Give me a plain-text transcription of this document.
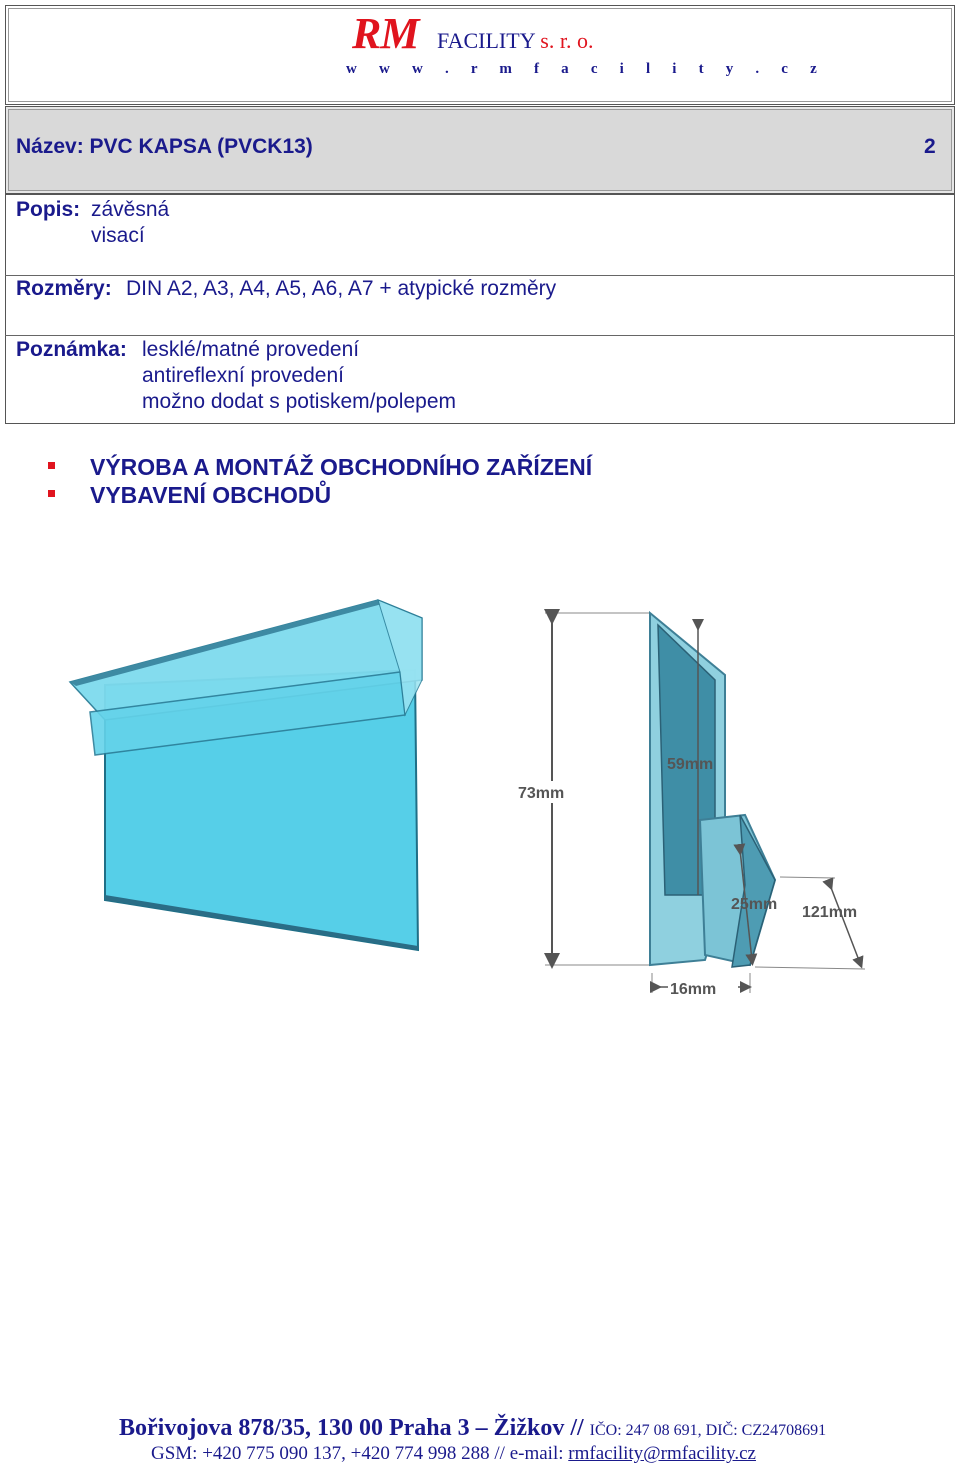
RM FACILITY s. r. o.
w w w . r m f a c i l i t y . c z
Název: PVC KAPSA (PVCK13)	2
Popis: závěsná
visací
Rozměry: DIN A2, A3, A4, A5, A6, A7 + atypické rozměry
Poznámka: lesklé/matné provedení
antireflexní provedení
možno dodat s potiskem/polepem
VÝROBA A MONTÁŽ OBCHODNÍHO ZAŘÍZENÍ
VYBAVENÍ OBCHODŮ
73mm
59mm
25mm 121mm
16mm
Bořivojova 878/35, 130 00 Praha 3 – Žižkov // IČO: 247 08 691, DIČ: CZ24708691
GSM: +420 775 090 137, +420 774 998 288 // e-mail: rmfacility@rmfacility.cz
